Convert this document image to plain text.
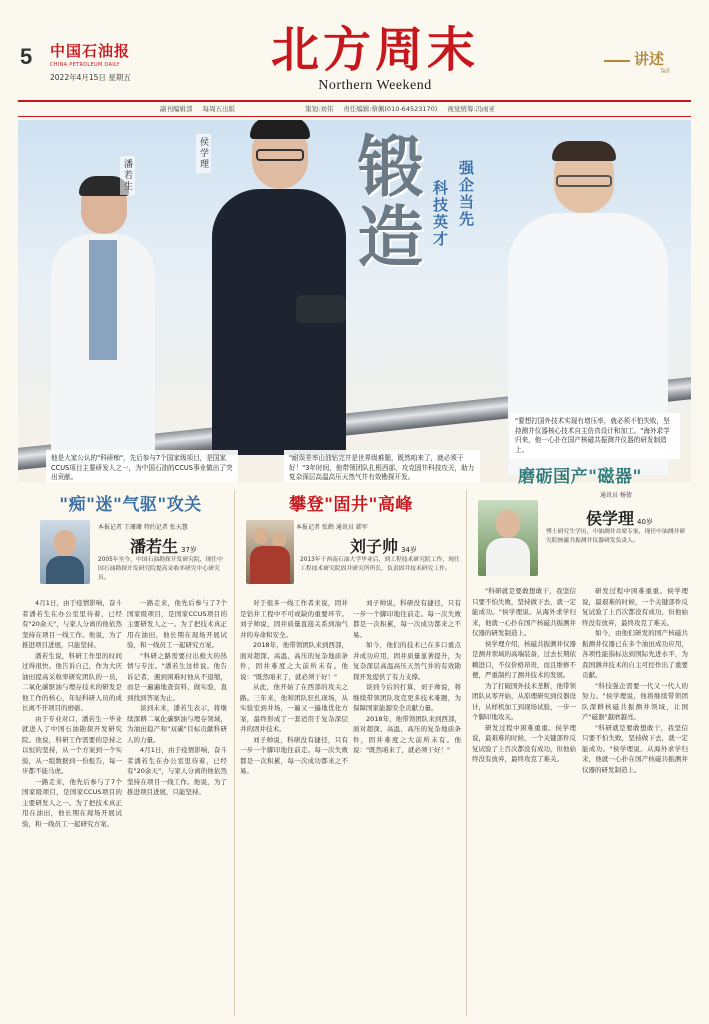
5 中国石油报
CHINA PETROLEUM DAILY
2022年4月15日 星期五	北方周末
Northern Weekend
讲述
Tell
副刊编辑部 每周五出版	策划:刘伟 责任编辑:蔡佩(010-64523170) 视觉统筹:冯雨亚
潘若生
侯学理 锻造 科技英才 强企当先
"要想打国外技术实现有增压率，就必须不怕失败，坚持测井仪器核心技术自主仿真设计和加工。"海外求学归来，他一心扑在国产核磁共振测井仪器的研发制造上。
他是大家公认的"科研痴"，先后参与7个国家级项目，是国家CCUS项目主要研发人之一，为中国石油的CCUS事业做出了突出贡献。
"耐误差率山油钻完井是世界级难题，既然咱来了，就必须干好！"3年时间，他带领团队扎根西部，攻克固井科技攻关，助力复杂深层高温高压天然气井有效勘探开发。
"痴"迷"气驱"攻关
本报记者 王珊珊 特约记者 张天慧
潘若生 37岁
2005年至今，中国石油勘探开发研究院，现任中国石油勘探开发研究院提高采收率研究中心研究员。

4月1日，由于疫情影响，奋斗者潘若生在办公室里待着，已经有"20余天"，与家人分离的他依然坚持在项目一线工作。他说，为了推进项目进展，只能坚持。

潘若生说，科研工作里的时间过得很快。他告诉自己，作为大庆油田提高采收率研究团队的一员，二氧化碳驱油与埋存技术的研发是他工作的核心，年轻科研人员的成长离不开项目的磨砺。

由于专业对口，潘若生一毕业就进入了中国石油勘探开发研究院。他说，科研工作需要的是持之以恒的坚持，从一个方案到一个实验，从一组数据到一份报告，每一步都不能马虎。

一路走来，他先后参与了7个国家级项目，是国家CCUS项目的主要研发人之一。为了把技术真正用在油田，他长期在现场开展试验，和一线员工一起研究方案。

一路走来，他先后参与了7个国家级项目，是国家CCUS项目的主要研发人之一。为了把技术真正用在油田，他长期在现场开展试验，和一线员工一起研究方案。

"科研之路需要付出极大的热情与专注。"潘若生这样说。他告诉记者，遇到困难时他从不退缩，而是一遍遍地查资料、做实验，直到找到答案为止。

谈到未来，潘若生表示，将继续深耕二氧化碳驱油与埋存领域，为油田稳产和"双碳"目标贡献科研人的力量。

4月1日，由于疫情影响，奋斗者潘若生在办公室里待着，已经有"20余天"，与家人分离的他依然坚持在项目一线工作。他说，为了推进项目进展，只能坚持。

攀登"固井"高峰
本报记者 张鹤 通讯员 韩军
刘子帅 34岁
2013年于西南石油大学毕业后，到工程技术研究院工作，现任工程技术研究院固井研究所所长，负责固井技术研究工作。

对于很多一线工作者来说，固井是钻井工程中不可或缺的重要环节。刘子帅说，固井质量直接关系到油气井的寿命和安全。

2018年，他带领团队来到西部，面对超深、高温、高压的复杂地质条件，固井难度之大前所未有。他说："既然咱来了，就必须干好！"

从此，他开始了在西部的攻关之路。三年来，他和团队驻扎现场，从实验室到井场，一遍又一遍地优化方案，最终形成了一套适用于复杂深层井的固井技术。

刘子帅说，科研没有捷径，只有一步一个脚印地往前走。每一次失败都是一次积累，每一次成功都来之不易。

刘子帅说，科研没有捷径，只有一步一个脚印地往前走。每一次失败都是一次积累，每一次成功都来之不易。

如今，他们的技术已在多口重点井成功应用，固井质量显著提升，为复杂深层高温高压天然气井的有效勘探开发提供了有力支撑。

谈到今后的打算，刘子帅说，将继续带领团队攻克更多技术难题，为保障国家能源安全贡献力量。

2018年，他带领团队来到西部，面对超深、高温、高压的复杂地质条件，固井难度之大前所未有。他说："既然咱来了，就必须干好！"

磨砺国产"磁器"
通讯员 杨倩
侯学理 40岁
博士研究生学历，中油测井首席专家，现任中油测井研究院核磁共振测井仪器研发负责人。

"科研就是要敢想敢干，我坚信只要不怕失败，坚持做下去，就一定能成功。"侯学理说。从海外求学归来，他就一心扑在国产核磁共振测井仪器的研发制造上。

侯学理介绍，核磁共振测井仪器是测井领域的高端装备，过去长期依赖进口，不仅价格昂贵，而且维修不便，严重制约了测井技术的发展。

为了打破国外技术垄断，他带领团队从零开始，从原理研究到仪器设计，从样机加工到现场试验，一步一个脚印地攻关。

研发过程中困难重重。侯学理说，最艰难的时候，一个关键部件反复试验了上百次都没有成功，但他始终没有放弃，最终攻克了难关。

研发过程中困难重重。侯学理说，最艰难的时候，一个关键部件反复试验了上百次都没有成功，但他始终没有放弃，最终攻克了难关。

如今，由他们研发的国产核磁共振测井仪器已在多个油田成功应用，各项性能指标达到国际先进水平，为我国测井技术的自主可控作出了重要贡献。

"科技强企需要一代又一代人的努力。"侯学理说，他将继续带领团队深耕核磁共振测井领域，让国产"磁器"越磨越亮。

"科研就是要敢想敢干，我坚信只要不怕失败，坚持做下去，就一定能成功。"侯学理说。从海外求学归来，他就一心扑在国产核磁共振测井仪器的研发制造上。
